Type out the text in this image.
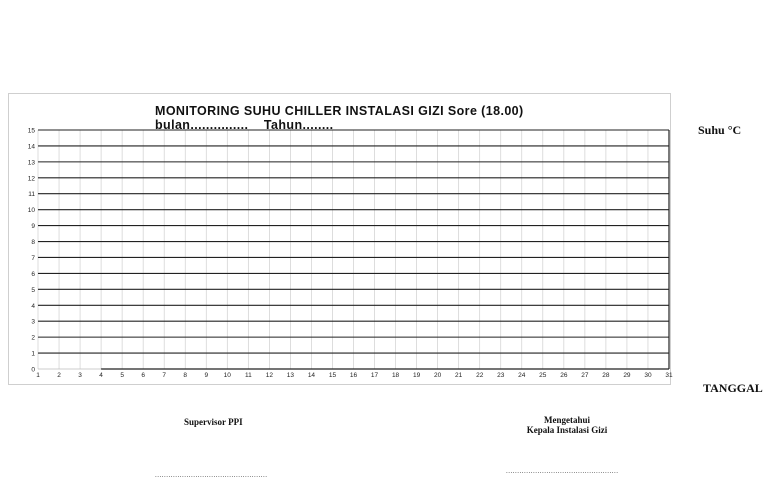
MONITORING SUHU CHILLER INSTALASI GIZI Sore (18.00)
bulan...............    Tahun........
1	2	3	4	5	6	7	8	9 10 11 12 13 14 15 16 17 18 19 20 21 22 23 24 25 26 27 28 29 30 31
0
1
2
3
4
5
6
7
8
9
10
11
12
13
14
15	Suhu °C
TANGGAL
Supervisor PPI
..................................................
Mengetahui
Kepala Instalasi Gizi
..................................................
